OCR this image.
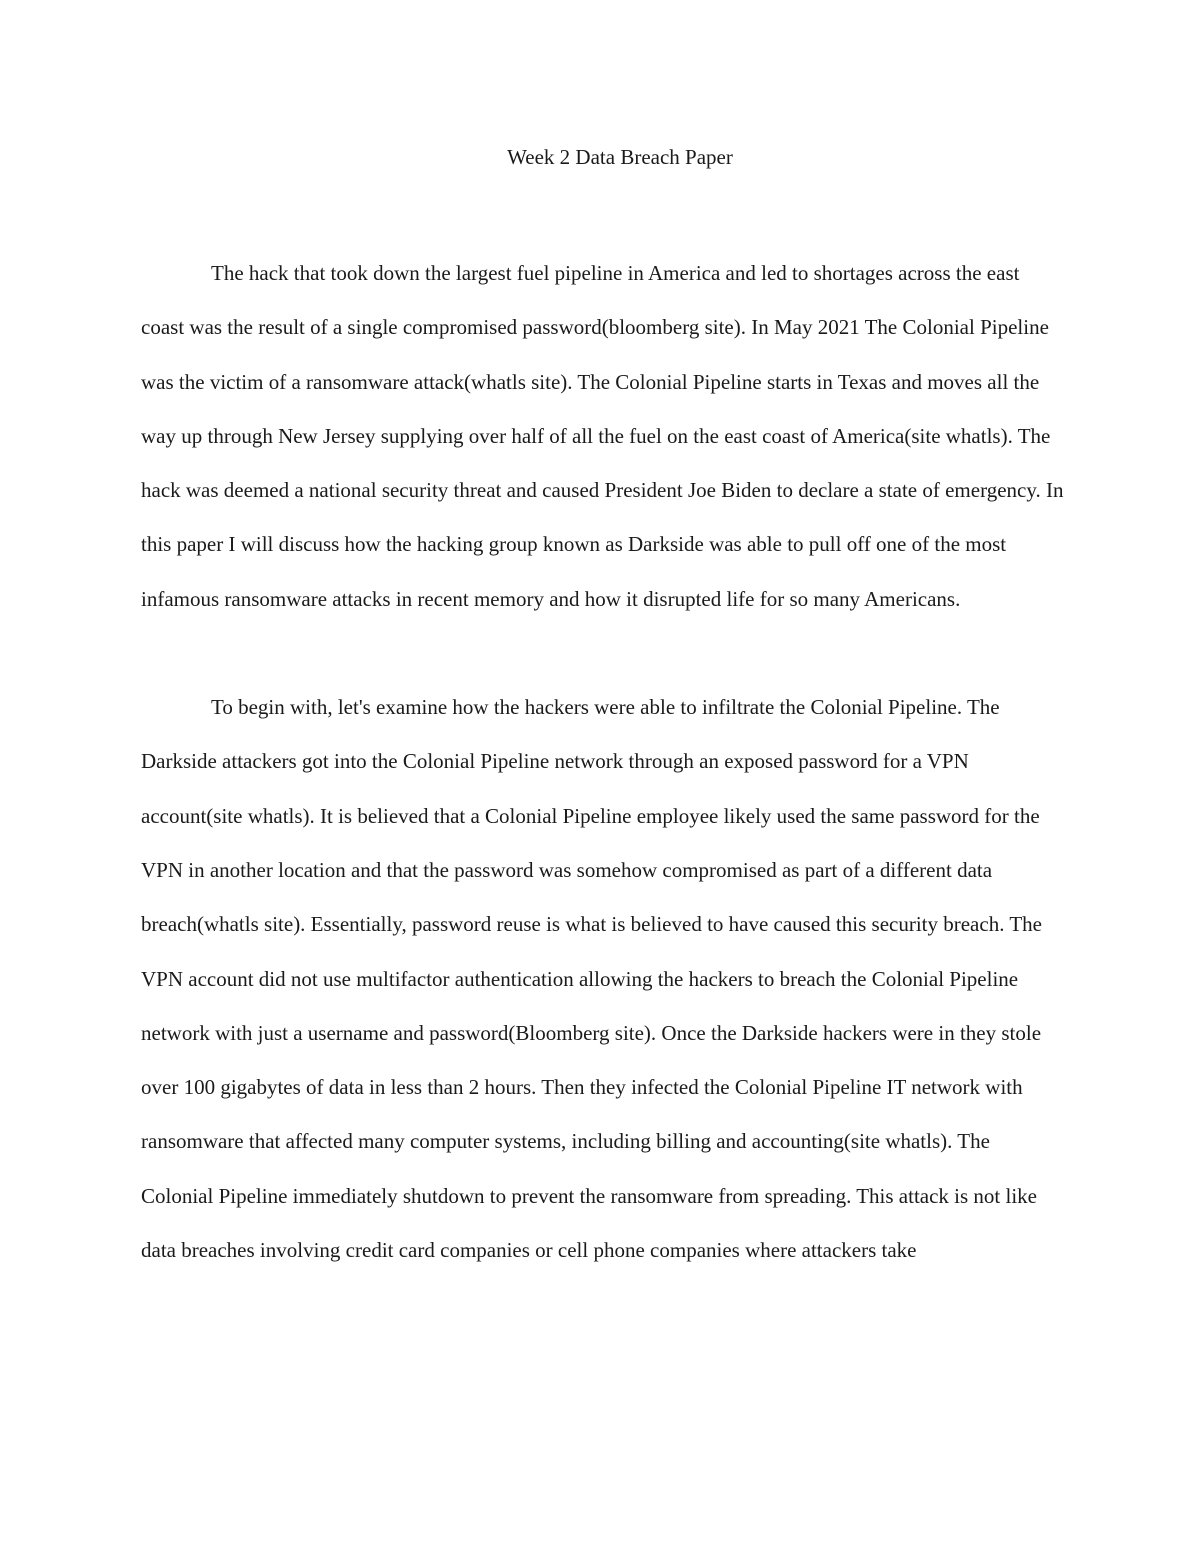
Week 2 Data Breach Paper

The hack that took down the largest fuel pipeline in America and led to shortages across the east coast was the result of a single compromised password(bloomberg site). In May 2021 The Colonial Pipeline was the victim of a ransomware attack(whatls site). The Colonial Pipeline starts in Texas and moves all the way up through New Jersey supplying over half of all the fuel on the east coast of America(site whatls). The hack was deemed a national security threat and caused President Joe Biden to declare a state of emergency. In this paper I will discuss how the hacking group known as Darkside was able to pull off one of the most infamous ransomware attacks in recent memory and how it disrupted life for so many Americans.

To begin with, let's examine how the hackers were able to infiltrate the Colonial Pipeline. The Darkside attackers got into the Colonial Pipeline network through an exposed password for a VPN account(site whatls). It is believed that a Colonial Pipeline employee likely used the same password for the VPN in another location and that the password was somehow compromised as part of a different data breach(whatls site). Essentially, password reuse is what is believed to have caused this security breach. The VPN account did not use multifactor authentication allowing the hackers to breach the Colonial Pipeline network with just a username and password(Bloomberg site). Once the Darkside hackers were in they stole over 100 gigabytes of data in less than 2 hours. Then they infected the Colonial Pipeline IT network with ransomware that affected many computer systems, including billing and accounting(site whatls). The Colonial Pipeline immediately shutdown to prevent the ransomware from spreading. This attack is not like data breaches involving credit card companies or cell phone companies where attackers take
